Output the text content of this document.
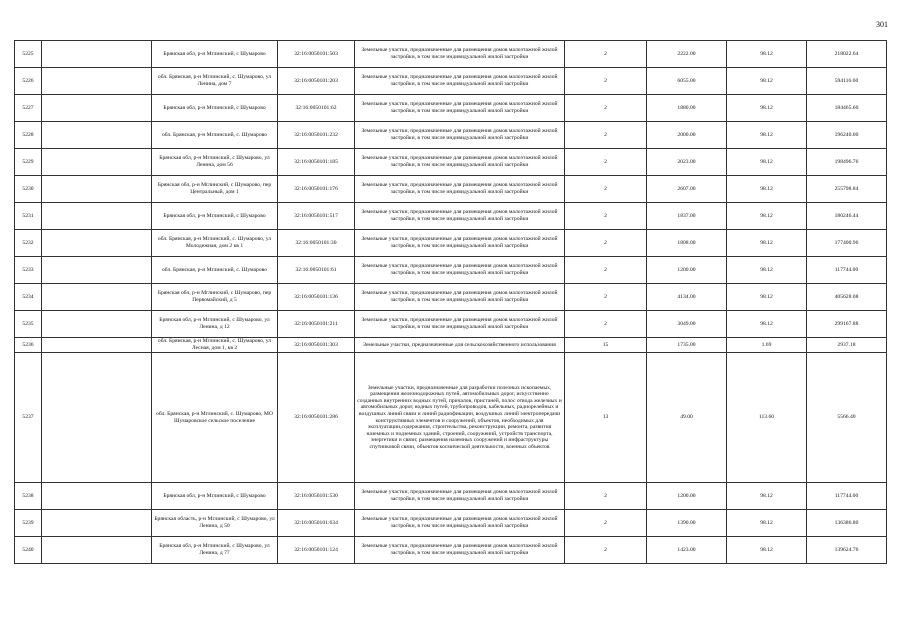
301
5225		Брянская обл, р-н Мглинский, с Шумарово	32:16:0050101:503	Земельные участки, предназначенные для размещения домов малоэтажной жилой застройки, в том числе индивидуальной жилой застройки	2	2222.00	98.12	218022.64
5226		обл. Брянская, р-н Мглинский, с. Шумарово, ул Ленина, дом 7	32:16:0050101:203	Земельные участки, предназначенные для размещения домов малоэтажной жилой застройки, в том числе индивидуальной жилой застройки	2	6055.00	98.12	594116.60
5227		Брянская обл, р-н Мглинский, с Шумарово	32:16:0050101:62	Земельные участки, предназначенные для размещения домов малоэтажной жилой застройки, в том числе индивидуальной жилой застройки	2	1880.00	98.12	184465.60
5228		обл. Брянская, р-н Мглинский, с. Шумарово	32:16:0050101:232	Земельные участки, предназначенные для размещения домов малоэтажной жилой застройки, в том числе индивидуальной жилой застройки	2	2000.00	98.12	196240.00
5229		Брянская обл, р-н Мглинский, с Шумарово, ул Ленина, дом 56	32:16:0050101:185	Земельные участки, предназначенные для размещения домов малоэтажной жилой застройки, в том числе индивидуальной жилой застройки	2	2023.00	98.12	198496.76
5230		Брянская обл, р-н Мглинский, с Шумарово, пер Центральный, дом 1	32:16:0050101:176	Земельные участки, предназначенные для размещения домов малоэтажной жилой застройки, в том числе индивидуальной жилой застройки	2	2607.00	98.12	255798.84
5231		Брянская обл, р-н Мглинский, с Шумарово	32:16:0050101:517	Земельные участки, предназначенные для размещения домов малоэтажной жилой застройки, в том числе индивидуальной жилой застройки	2	1837.00	98.12	180246.44
5232		обл. Брянская, р-н Мглинский, с. Шумарово, ул Молодежная, дом 2 кв 1	32:16:0050101:30	Земельные участки, предназначенные для размещения домов малоэтажной жилой застройки, в том числе индивидуальной жилой застройки	2	1808.00	98.12	177400.96
5233		обл. Брянская, р-н Мглинский, с. Шумарово	32:16:0050101:61	Земельные участки, предназначенные для размещения домов малоэтажной жилой застройки, в том числе индивидуальной жилой застройки	2	1200.00	98.12	117744.00
5234		Брянская обл, р-н Мглинский, с Шумарово, пер Первомайский, д 5	32:16:0050101:136	Земельные участки, предназначенные для размещения домов малоэтажной жилой застройки, в том числе индивидуальной жилой застройки	2	4134.00	98.12	405628.08
5235		Брянская обл, р-н Мглинский, с Шумарово, ул Ленина, д 12	32:16:0050101:211	Земельные участки, предназначенные для размещения домов малоэтажной жилой застройки, в том числе индивидуальной жилой застройки	2	3049.00	98.12	299167.88
5236		обл. Брянская, р-н Мглинский, с. Шумарово, ул Лесная, дом 1, кв 2	32:16:0050101:303	Земельные участки, предназначенные для сельскохозяйственного использования	15	1735.00	1.69	2937.18
5237		обл. Брянская, р-н Мглинский, с. Шумарово, МО Шумаровское сельское поселение	32:16:0050101:286	Земельные участки, предназначенные для разработки полезных ископаемых, размещения железнодорожных путей, автомобильных дорог, искусственно созданных внутренних водных путей, причалов, пристаней, полос отвода железных и автомобильных дорог, водных путей, трубопроводов, кабельных, радиорелейных и воздушных линий связи и линий радиофикации, воздушных линий электропередачи конструктивных элементов и сооружений, объектов, необходимых для эксплуатации,содержания, строительства, реконструкции, ремонта, развития наземных и подземных зданий, строений, сооружений, устройств транспорта, энергетики и связи; размещения наземных сооружений и инфраструктуры спутниковой связи, объектов космической деятельности, военных объектов	13	49.00	113.60	5566.40
5238		Брянская обл, р-н Мглинский, с Шумарово	32:16:0050101:530	Земельные участки, предназначенные для размещения домов малоэтажной жилой застройки, в том числе индивидуальной жилой застройки	2	1200.00	98.12	117744.00
5239		Брянская область, р-н Мглинский, с Шумарово, ул Ленина, д 50	32:16:0050101:634	Земельные участки, предназначенные для размещения домов малоэтажной жилой застройки, в том числе индивидуальной жилой застройки	2	1390.00	98.12	136386.80
5240		Брянская обл, р-н Мглинский, с Шумарово, ул Ленина, д 77	32:16:0050101:124	Земельные участки, предназначенные для размещения домов малоэтажной жилой застройки, в том числе индивидуальной жилой застройки	2	1423.00	98.12	139624.76
